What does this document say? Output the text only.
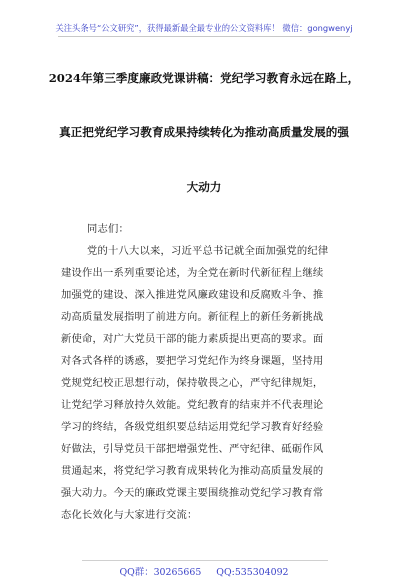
关注头条号“公文研究”，获得最新最全最专业的公文资料库！ 微信：gongwenyj
2024年第三季度廉政党课讲稿：党纪学习教育永远在路上，
真正把党纪学习教育成果持续转化为推动高质量发展的强
大动力
同志们：
党的十八大以来，习近平总书记就全面加强党的纪律
建设作出一系列重要论述，为全党在新时代新征程上继续
加强党的建设、深入推进党风廉政建设和反腐败斗争、推
动高质量发展指明了前进方向。新征程上的新任务新挑战
新使命，对广大党员干部的能力素质提出更高的要求。面
对各式各样的诱惑，要把学习党纪作为终身课题，坚持用
党规党纪校正思想行动，保持敬畏之心，严守纪律规矩，
让党纪学习释放持久效能。党纪教育的结束并不代表理论
学习的终结，各级党组织要总结运用党纪学习教育好经验
好做法，引导党员干部把增强党性、严守纪律、砥砺作风
贯通起来，将党纪学习教育成果转化为推动高质量发展的
强大动力。今天的廉政党课主要围绕推动党纪学习教育常
态化长效化与大家进行交流：
QQ群：30265665 QQ:535304092
